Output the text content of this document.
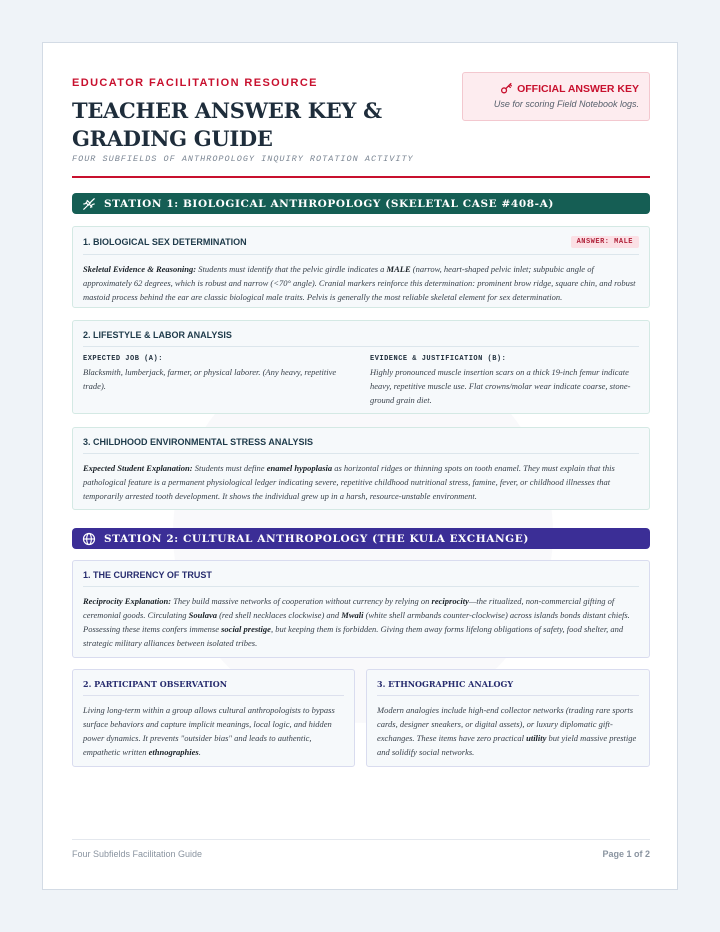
EDUCATOR FACILITATION RESOURCE
TEACHER ANSWER KEY & GRADING GUIDE
FOUR SUBFIELDS OF ANTHROPOLOGY INQUIRY ROTATION ACTIVITY
OFFICIAL ANSWER KEY
Use for scoring Field Notebook logs.
STATION 1: BIOLOGICAL ANTHROPOLOGY (SKELETAL CASE #408-A)
1. BIOLOGICAL SEX DETERMINATION	ANSWER: MALE
Skeletal Evidence & Reasoning: Students must identify that the pelvic girdle indicates a MALE (narrow, heart-shaped pelvic inlet; subpubic angle of approximately 62 degrees, which is robust and narrow (<70° angle). Cranial markers reinforce this determination: prominent brow ridge, square chin, and robust mastoid process behind the ear are classic biological male traits. Pelvis is generally the most reliable skeletal element for sex determination.
2. LIFESTYLE & LABOR ANALYSIS
EXPECTED JOB (A):
Blacksmith, lumberjack, farmer, or physical laborer. (Any heavy, repetitive trade).
EVIDENCE & JUSTIFICATION (B):
Highly pronounced muscle insertion scars on a thick 19-inch femur indicate heavy, repetitive muscle use. Flat crowns/molar wear indicate coarse, stone-ground grain diet.
3. CHILDHOOD ENVIRONMENTAL STRESS ANALYSIS
Expected Student Explanation: Students must define enamel hypoplasia as horizontal ridges or thinning spots on tooth enamel. They must explain that this pathological feature is a permanent physiological ledger indicating severe, repetitive childhood nutritional stress, famine, fever, or childhood illnesses that temporarily arrested tooth development. It shows the individual grew up in a harsh, resource-unstable environment.
STATION 2: CULTURAL ANTHROPOLOGY (THE KULA EXCHANGE)
1. THE CURRENCY OF TRUST
Reciprocity Explanation: They build massive networks of cooperation without currency by relying on reciprocity—the ritualized, non-commercial gifting of ceremonial goods. Circulating Soulava (red shell necklaces clockwise) and Mwali (white shell armbands counter-clockwise) across islands bonds distant chiefs. Possessing these items confers immense social prestige, but keeping them is forbidden. Giving them away forms lifelong obligations of safety, food shelter, and strategic military alliances between isolated tribes.
2. PARTICIPANT OBSERVATION
Living long-term within a group allows cultural anthropologists to bypass surface behaviors and capture implicit meanings, local logic, and hidden power dynamics. It prevents "outsider bias" and leads to authentic, empathetic written ethnographies.
3. ETHNOGRAPHIC ANALOGY
Modern analogies include high-end collector networks (trading rare sports cards, designer sneakers, or digital assets), or luxury diplomatic gift-exchanges. These items have zero practical utility but yield massive prestige and solidify social networks.
Four Subfields Facilitation Guide	Page 1 of 2
